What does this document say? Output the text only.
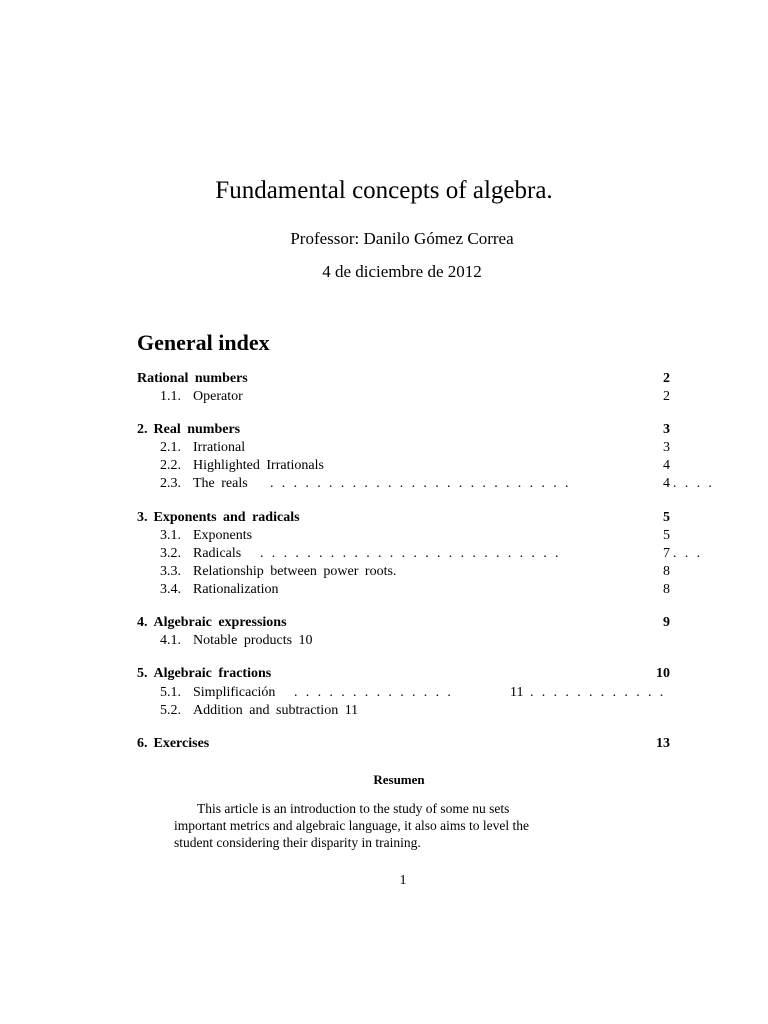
Fundamental concepts of algebra.
Professor: Danilo Gómez Correa
4 de diciembre de 2012
General index
Rational numbers	2
1.1. Operator	2
2. Real numbers	3
2.1. Irrational	3
2.2. Highlighted Irrationals	4
2.3. The reals ..........................	4 ....
3. Exponents and radicals	5
3.1. Exponents	5
3.2. Radicals ..........................	7 ...
3.3. Relationship between power roots.	8
3.4. Rationalization	8
4. Algebraic expressions	9
4.1. Notable products 10
5. Algebraic fractions	10
5.1. Simplificación ..............	11 ............
5.2. Addition and subtraction 11
6. Exercises	13
Resumen
This article is an introduction to the study of some nu sets
important metrics and algebraic language, it also aims to level the
student considering their disparity in training.
1
